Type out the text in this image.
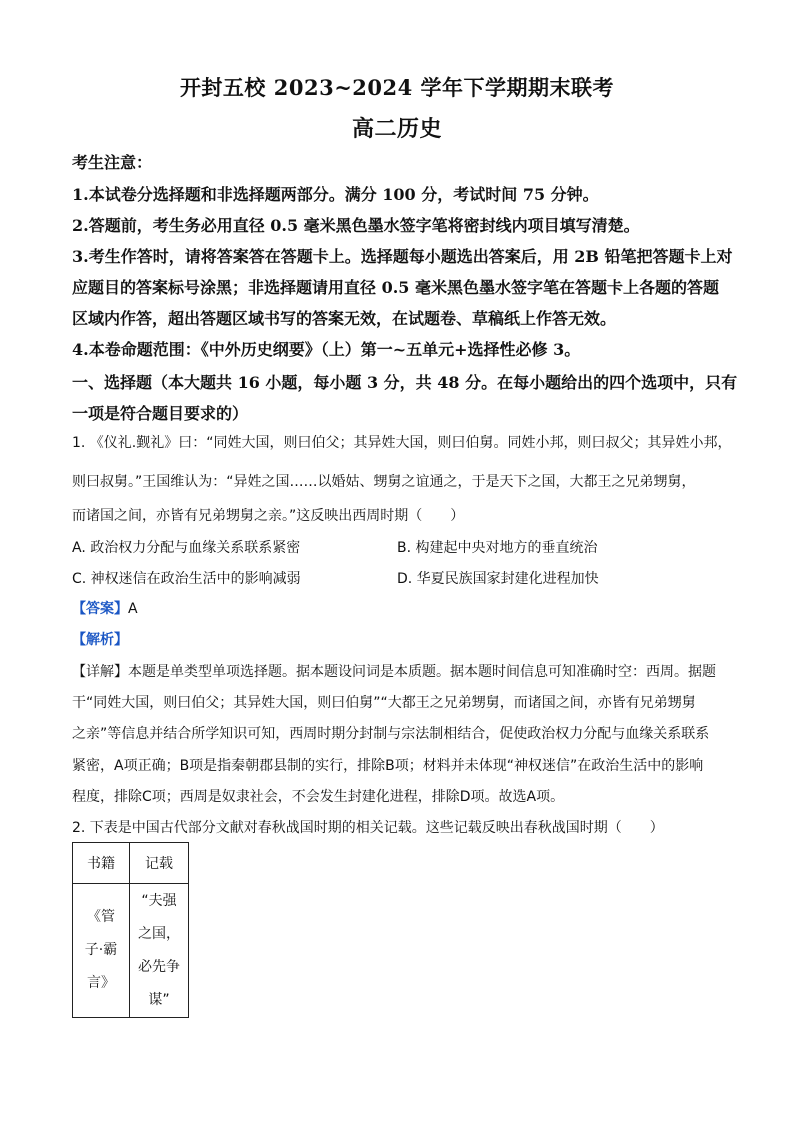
开封五校 2023~2024 学年下学期期末联考
高二历史
考生注意：
1.本试卷分选择题和非选择题两部分。满分 100 分，考试时间 75 分钟。
2.答题前，考生务必用直径 0.5 毫米黑色墨水签字笔将密封线内项目填写清楚。
3.考生作答时，请将答案答在答题卡上。选择题每小题选出答案后，用 2B 铅笔把答题卡上对
应题目的答案标号涂黑；非选择题请用直径 0.5 毫米黑色墨水签字笔在答题卡上各题的答题
区域内作答，超出答题区域书写的答案无效，在试题卷、草稿纸上作答无效。
4.本卷命题范围：《中外历史纲要》（上）第一~五单元+选择性必修 3。
一、选择题（本大题共 16 小题，每小题 3 分，共 48 分。在每小题给出的四个选项中，只有
一项是符合题目要求的）
1. 《仪礼.觐礼》曰：“同姓大国，则曰伯父；其异姓大国，则曰伯舅。同姓小邦，则曰叔父；其异姓小邦，
则曰叔舅。”王国维认为：“异姓之国……以婚姑、甥舅之谊通之，于是天下之国，大都王之兄弟甥舅，
而诸国之间，亦皆有兄弟甥舅之亲。”这反映出西周时期（　　）
A. 政治权力分配与血缘关系联系紧密	B. 构建起中央对地方的垂直统治
C. 神权迷信在政治生活中的影响减弱	D. 华夏民族国家封建化进程加快
【答案】A
【解析】
【详解】本题是单类型单项选择题。据本题设问词是本质题。据本题时间信息可知准确时空：西周。据题
干“同姓大国，则曰伯父；其异姓大国，则曰伯舅”“大都王之兄弟甥舅，而诸国之间，亦皆有兄弟甥舅
之亲”等信息并结合所学知识可知，西周时期分封制与宗法制相结合，促使政治权力分配与血缘关系联系
紧密，A项正确；B项是指秦朝郡县制的实行，排除B项；材料并未体现“神权迷信”在政治生活中的影响
程度，排除C项；西周是奴隶社会，不会发生封建化进程，排除D项。故选A项。
2. 下表是中国古代部分文献对春秋战国时期的相关记载。这些记载反映出春秋战国时期（　　）
书籍	记载

《管
子·霸
言》	“夫强
之国，
必先争
谋”
